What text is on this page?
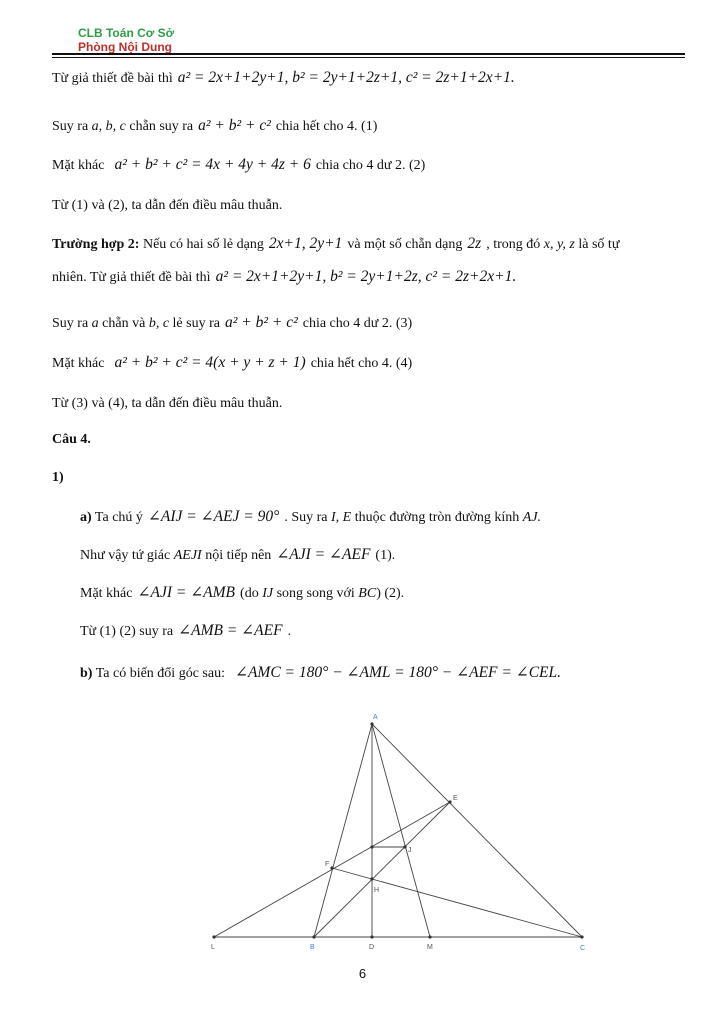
CLB Toán Cơ Sở
Phòng Nội Dung
Từ giả thiết đề bài thì a² = 2x+1+2y+1, b² = 2y+1+2z+1, c² = 2z+1+2x+1.
Suy ra a, b, c chẵn suy ra a² + b² + c² chia hết cho 4. (1)
Mặt khác a² + b² + c² = 4x + 4y + 4z + 6 chia cho 4 dư 2. (2)
Từ (1) và (2), ta dẫn đến điều mâu thuẫn.
Trường hợp 2: Nếu có hai số lẻ dạng 2x+1, 2y+1 và một số chẵn dạng 2z , trong đó x, y, z là số tự
nhiên. Từ giả thiết đề bài thì a² = 2x+1+2y+1, b² = 2y+1+2z, c² = 2z+2x+1.
Suy ra a chẵn và b, c lẻ suy ra a² + b² + c² chia cho 4 dư 2. (3)
Mặt khác a² + b² + c² = 4(x + y + z + 1) chia hết cho 4. (4)
Từ (3) và (4), ta dẫn đến điều mâu thuẫn.
Câu 4.
1)
a) Ta chú ý ∠AIJ = ∠AEJ = 90° . Suy ra I, E thuộc đường tròn đường kính AJ.
Như vậy tứ giác AEJI nội tiếp nên ∠AJI = ∠AEF (1).
Mặt khác ∠AJI = ∠AMB (do IJ song song với BC) (2).
Từ (1) (2) suy ra ∠AMB = ∠AEF .
b) Ta có biến đổi góc sau: ∠AMC = 180° − ∠AML = 180° − ∠AEF = ∠CEL.
A
E
I
J
F
H
L	B	D	M	C
6
